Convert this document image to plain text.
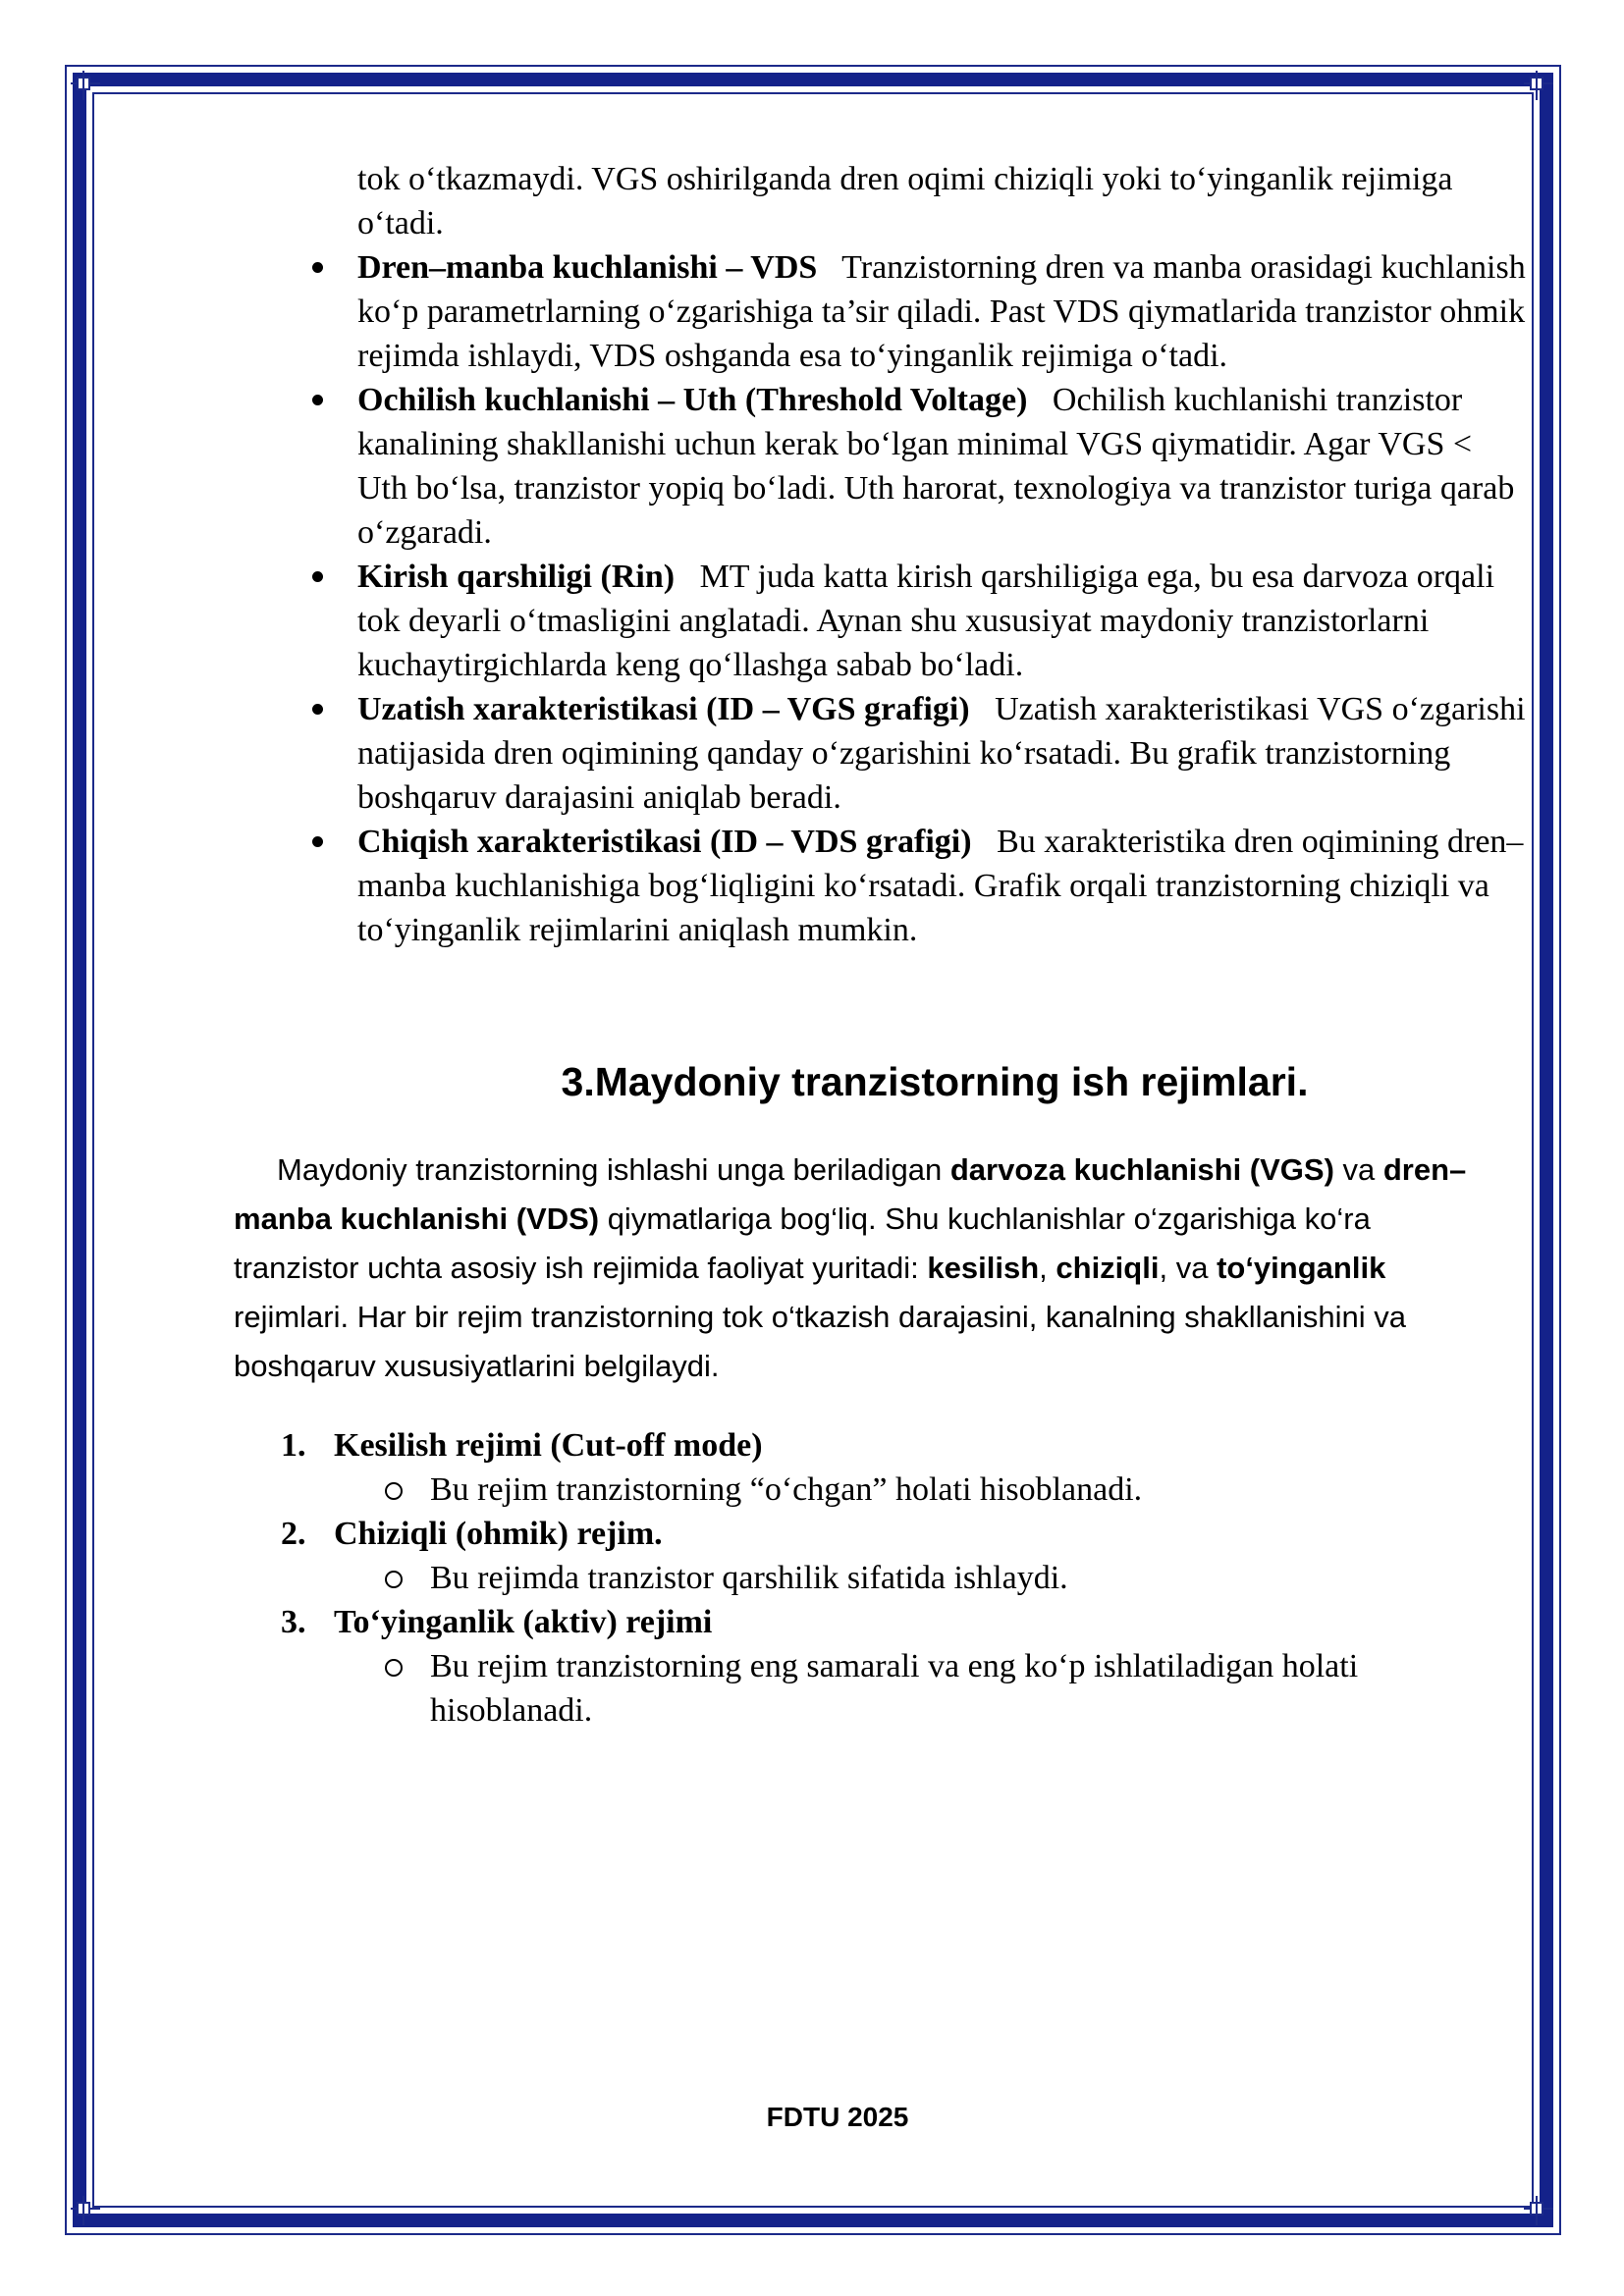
tok o‘tkazmaydi. VGS oshirilganda dren oqimi chiziqli yoki to‘yinganlik rejimiga o‘tadi.

Dren–manba kuchlanishi – VDS Tranzistorning dren va manba orasidagi kuchlanish ko‘p parametrlarning o‘zgarishiga ta’sir qiladi. Past VDS qiymatlarida tranzistor ohmik rejimda ishlaydi, VDS oshganda esa to‘yinganlik rejimiga o‘tadi.
Ochilish kuchlanishi – Uth (Threshold Voltage) Ochilish kuchlanishi tranzistor kanalining shakllanishi uchun kerak bo‘lgan minimal VGS qiymatidir. Agar VGS < Uth bo‘lsa, tranzistor yopiq bo‘ladi. Uth harorat, texnologiya va tranzistor turiga qarab o‘zgaradi.
Kirish qarshiligi (Rin) MT juda katta kirish qarshiligiga ega, bu esa darvoza orqali tok deyarli o‘tmasligini anglatadi. Aynan shu xususiyat maydoniy tranzistorlarni kuchaytirgichlarda keng qo‘llashga sabab bo‘ladi.
Uzatish xarakteristikasi (ID – VGS grafigi) Uzatish xarakteristikasi VGS o‘zgarishi natijasida dren oqimining qanday o‘zgarishini ko‘rsatadi. Bu grafik tranzistorning boshqaruv darajasini aniqlab beradi.
Chiqish xarakteristikasi (ID – VDS grafigi) Bu xarakteristika dren oqimining dren–manba kuchlanishiga bog‘liqligini ko‘rsatadi. Grafik orqali tranzistorning chiziqli va to‘yinganlik rejimlarini aniqlash mumkin.
3.Maydoniy tranzistorning ish rejimlari.

Maydoniy tranzistorning ishlashi unga beriladigan darvoza kuchlanishi (VGS) va dren–manba kuchlanishi (VDS) qiymatlariga bog‘liq. Shu kuchlanishlar o‘zgarishiga ko‘ra tranzistor uchta asosiy ish rejimida faoliyat yuritadi: kesilish, chiziqli, va to‘yinganlik rejimlari. Har bir rejim tranzistorning tok o‘tkazish darajasini, kanalning shakllanishini va boshqaruv xususiyatlarini belgilaydi.

1. Kesilish rejimi (Cut-off mode)
Bu rejim tranzistorning “o‘chgan” holati hisoblanadi.
2. Chiziqli (ohmik) rejim.
Bu rejimda tranzistor qarshilik sifatida ishlaydi.
3. To‘yinganlik (aktiv) rejimi
Bu rejim tranzistorning eng samarali va eng ko‘p ishlatiladigan holati hisoblanadi.
FDTU 2025
